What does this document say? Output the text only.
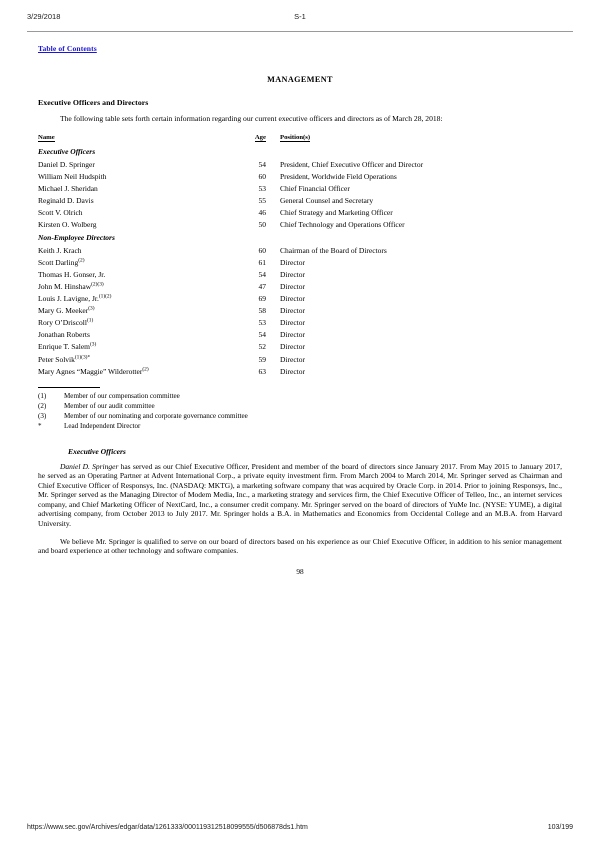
3/29/2018	S-1
Table of Contents
MANAGEMENT
Executive Officers and Directors

The following table sets forth certain information regarding our current executive officers and directors as of March 28, 2018:

Name	Age		Position(s)
Executive Officers			
Daniel D. Springer	54		President, Chief Executive Officer and Director
William Neil Hudspith	60		President, Worldwide Field Operations
Michael J. Sheridan	53		Chief Financial Officer
Reginald D. Davis	55		General Counsel and Secretary
Scott V. Olrich	46		Chief Strategy and Marketing Officer
Kirsten O. Wolberg	50		Chief Technology and Operations Officer
Non-Employee Directors			
Keith J. Krach	60		Chairman of the Board of Directors
Scott Darling$^{(2)}$	61		Director
Thomas H. Gonser, Jr.	54		Director
John M. Hinshaw$^{(2)(3)}$	47		Director
Louis J. Lavigne, Jr.$^{(1)(2)}$	69		Director
Mary G. Meeker$^{(3)}$	58		Director
Rory O’Driscoll$^{(1)}$	53		Director
Jonathan Roberts	54		Director
Enrique T. Salem$^{(3)}$	52		Director
Peter Solvik$^{(1)(3)*}$	59		Director
Mary Agnes “Maggie” Wilderotter$^{(2)}$	63		Director
(1)	Member of our compensation committee
(2)	Member of our audit committee
(3)	Member of our nominating and corporate governance committee
*	Lead Independent Director
Executive Officers

Daniel D. Springer has served as our Chief Executive Officer, President and member of the board of directors since January 2017. From May 2015 to January 2017, he served as an Operating Partner at Advent International Corp., a private equity investment firm. From March 2004 to March 2014, Mr. Springer served as Chairman and Chief Executive Officer of Responsys, Inc. (NASDAQ: MKTG), a marketing software company that was acquired by Oracle Corp. in 2014. Prior to joining Responsys, Inc., Mr. Springer served as the Managing Director of Modem Media, Inc., a marketing strategy and services firm, the Chief Executive Officer of Telleo, Inc., an internet services company, and Chief Marketing Officer of NextCard, Inc., a consumer credit company. Mr. Springer served on the board of directors of YuMe Inc. (NYSE: YUME), a digital advertising company, from October 2013 to July 2017. Mr. Springer holds a B.A. in Mathematics and Economics from Occidental College and an M.B.A. from Harvard University.

We believe Mr. Springer is qualified to serve on our board of directors based on his experience as our Chief Executive Officer, in addition to his senior management and board experience at other technology and software companies.

98
https://www.sec.gov/Archives/edgar/data/1261333/000119312518099555/d506878ds1.htm	103/199
